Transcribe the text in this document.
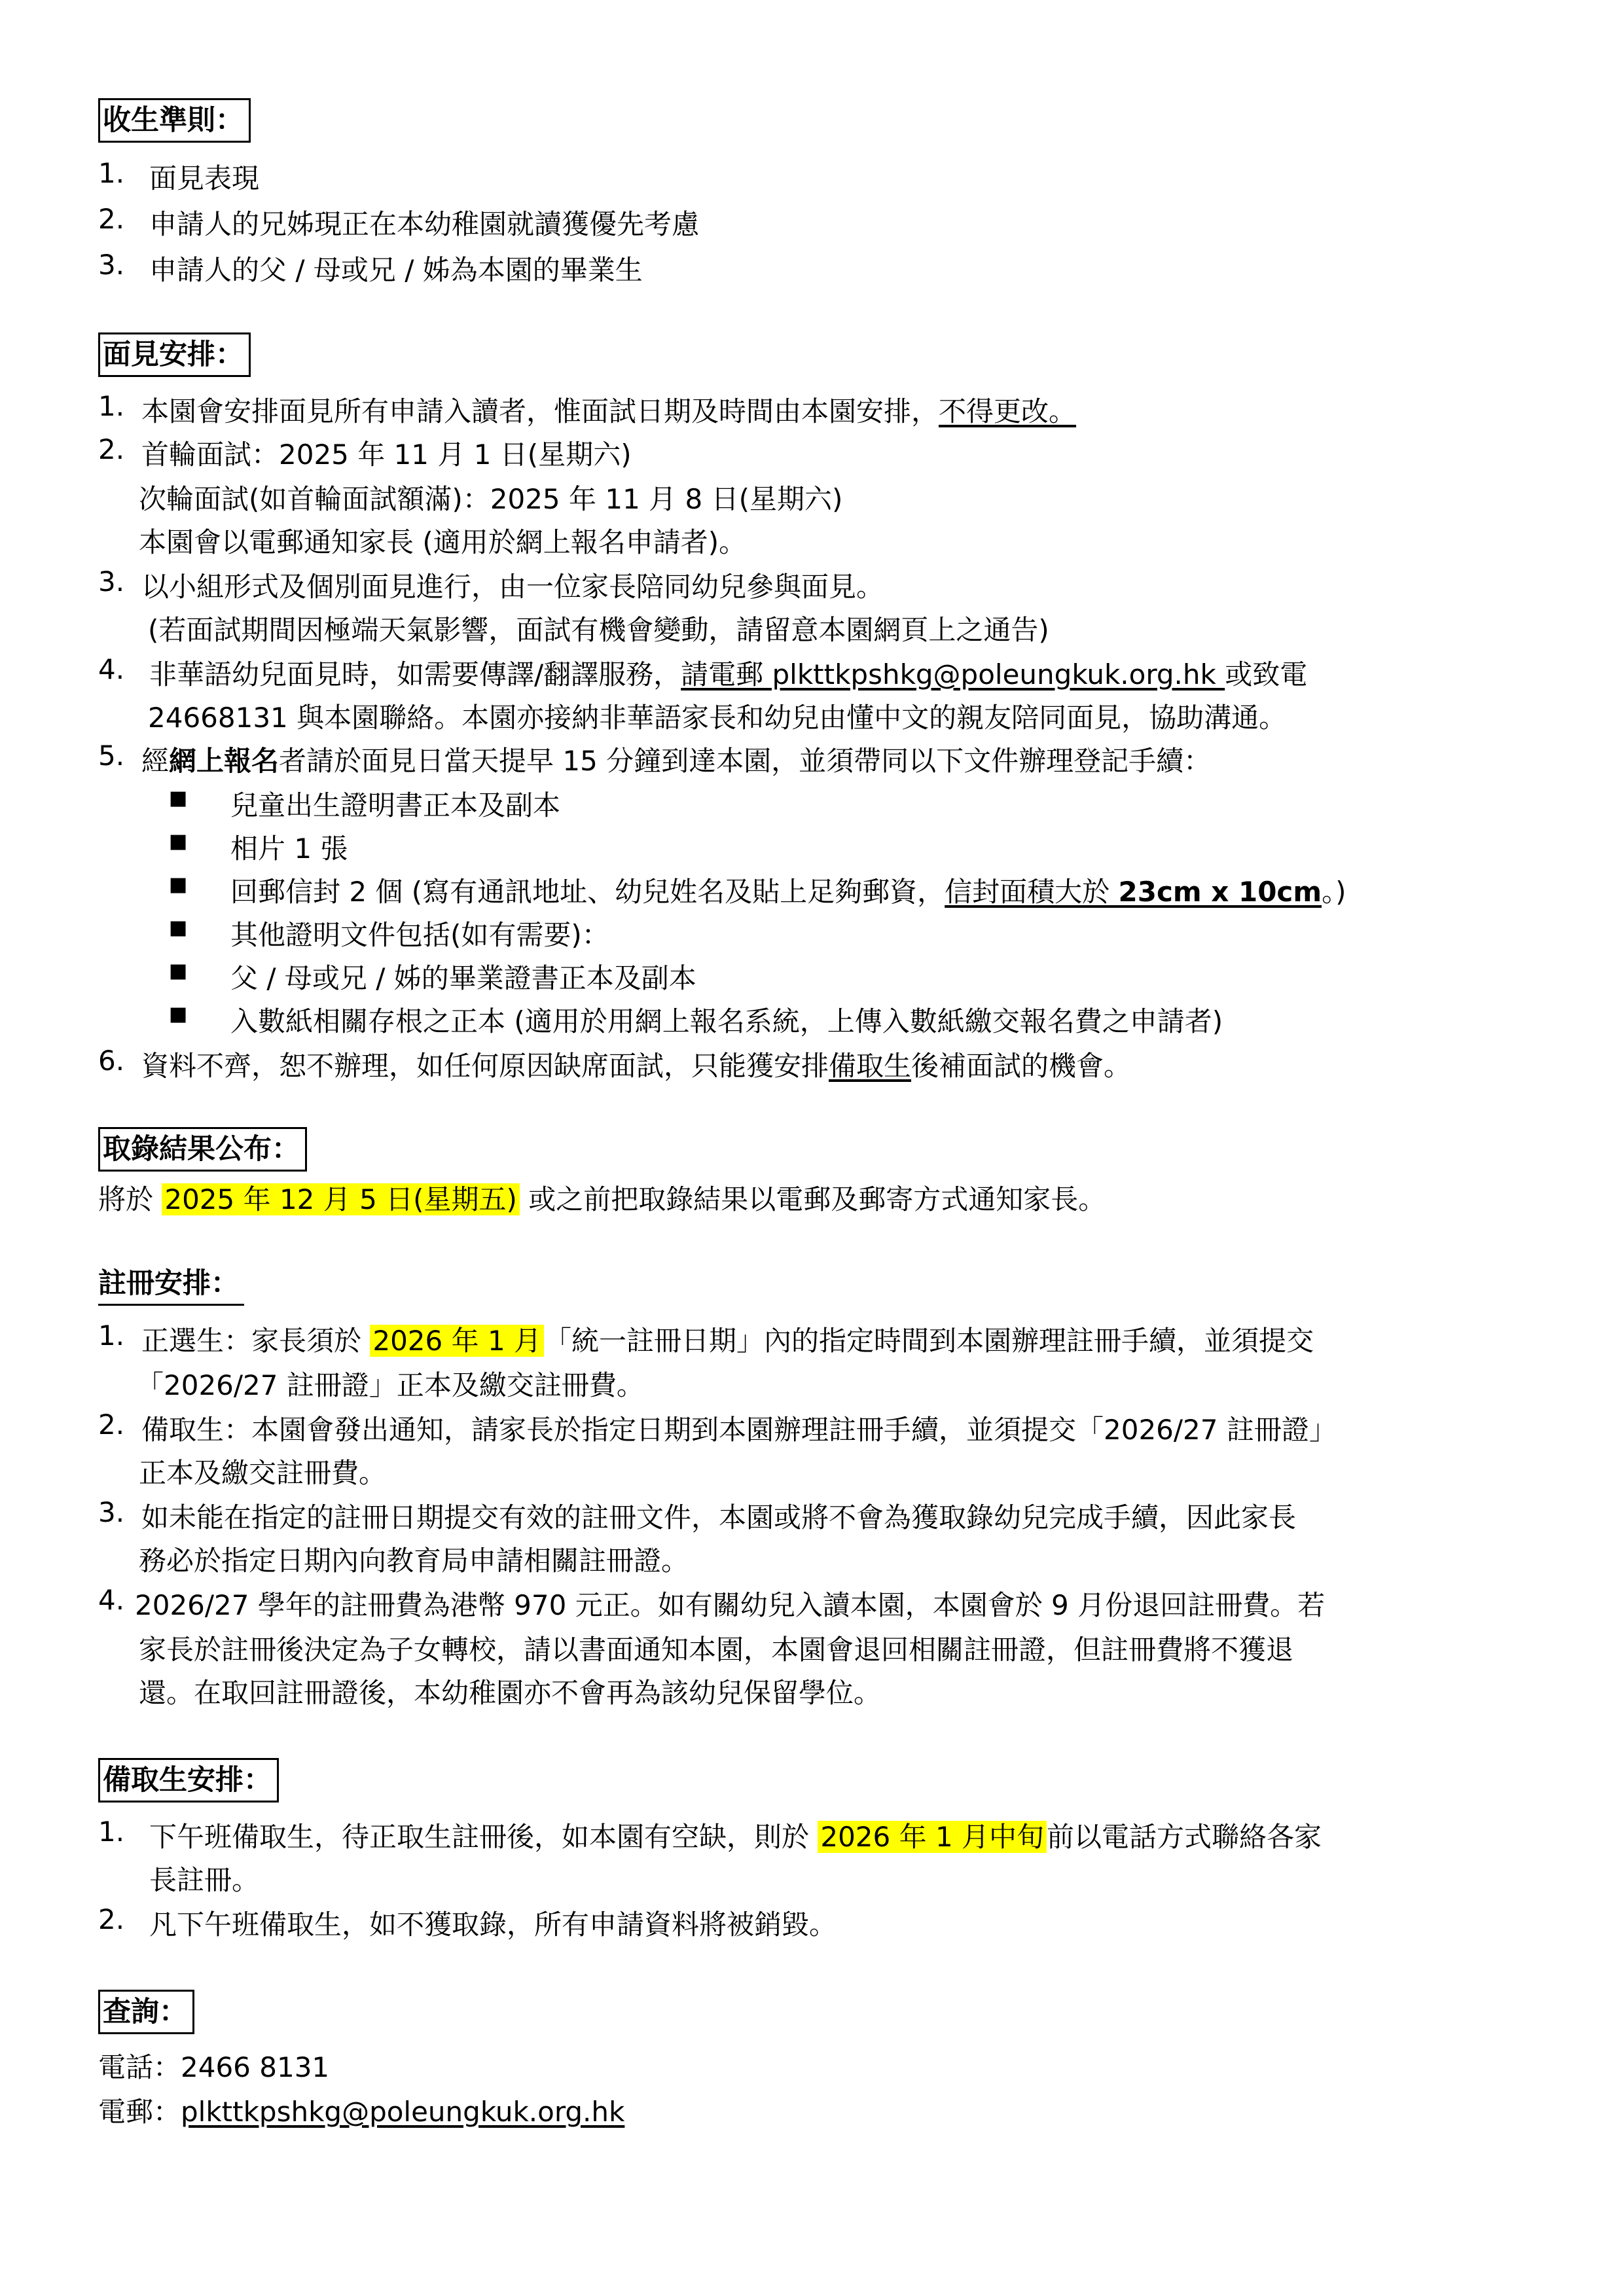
收生準則：
1. 面見表現
2. 申請人的兄姊現正在本幼稚園就讀獲優先考慮
3. 申請人的父 / 母或兄 / 姊為本園的畢業生
面見安排：
1. 本園會安排面見所有申請入讀者，惟面試日期及時間由本園安排，不得更改。
2. 首輪面試：2025 年 11 月 1 日(星期六)
次輪面試(如首輪面試額滿)：2025 年 11 月 8 日(星期六)
本園會以電郵通知家長 (適用於網上報名申請者)。
3. 以小組形式及個別面見進行，由一位家長陪同幼兒參與面見。
(若面試期間因極端天氣影響，面試有機會變動，請留意本園網頁上之通告)
4. 非華語幼兒面見時，如需要傳譯/翻譯服務，請電郵 plkttkpshkg@poleungkuk.org.hk 或致電
24668131 與本園聯絡。本園亦接納非華語家長和幼兒由懂中文的親友陪同面見，協助溝通。
5. 經網上報名者請於面見日當天提早 15 分鐘到達本園，並須帶同以下文件辦理登記手續：
■ 兒童出生證明書正本及副本
■ 相片 1 張
■ 回郵信封 2 個 (寫有通訊地址、幼兒姓名及貼上足夠郵資，信封面積大於 23cm x 10cm。)
■ 其他證明文件包括(如有需要)：
■ 父 / 母或兄 / 姊的畢業證書正本及副本
■ 入數紙相關存根之正本 (適用於用網上報名系統，上傳入數紙繳交報名費之申請者)
6. 資料不齊，恕不辦理，如任何原因缺席面試，只能獲安排備取生後補面試的機會。
取錄結果公布：
將於 2025 年 12 月 5 日(星期五) 或之前把取錄結果以電郵及郵寄方式通知家長。
註冊安排：
1. 正選生：家長須於 2026 年 1 月「統一註冊日期」內的指定時間到本園辦理註冊手續，並須提交
「2026/27 註冊證」正本及繳交註冊費。
2. 備取生：本園會發出通知，請家長於指定日期到本園辦理註冊手續，並須提交「2026/27 註冊證」
正本及繳交註冊費。
3. 如未能在指定的註冊日期提交有效的註冊文件，本園或將不會為獲取錄幼兒完成手續，因此家長
務必於指定日期內向教育局申請相關註冊證。
4. 2026/27 學年的註冊費為港幣 970 元正。如有關幼兒入讀本園，本園會於 9 月份退回註冊費。若
家長於註冊後決定為子女轉校，請以書面通知本園，本園會退回相關註冊證，但註冊費將不獲退
還。在取回註冊證後，本幼稚園亦不會再為該幼兒保留學位。
備取生安排：
1. 下午班備取生，待正取生註冊後，如本園有空缺，則於 2026 年 1 月中旬前以電話方式聯絡各家
長註冊。
2. 凡下午班備取生，如不獲取錄，所有申請資料將被銷毀。
查詢：
電話：2466 8131
電郵：plkttkpshkg@poleungkuk.org.hk
